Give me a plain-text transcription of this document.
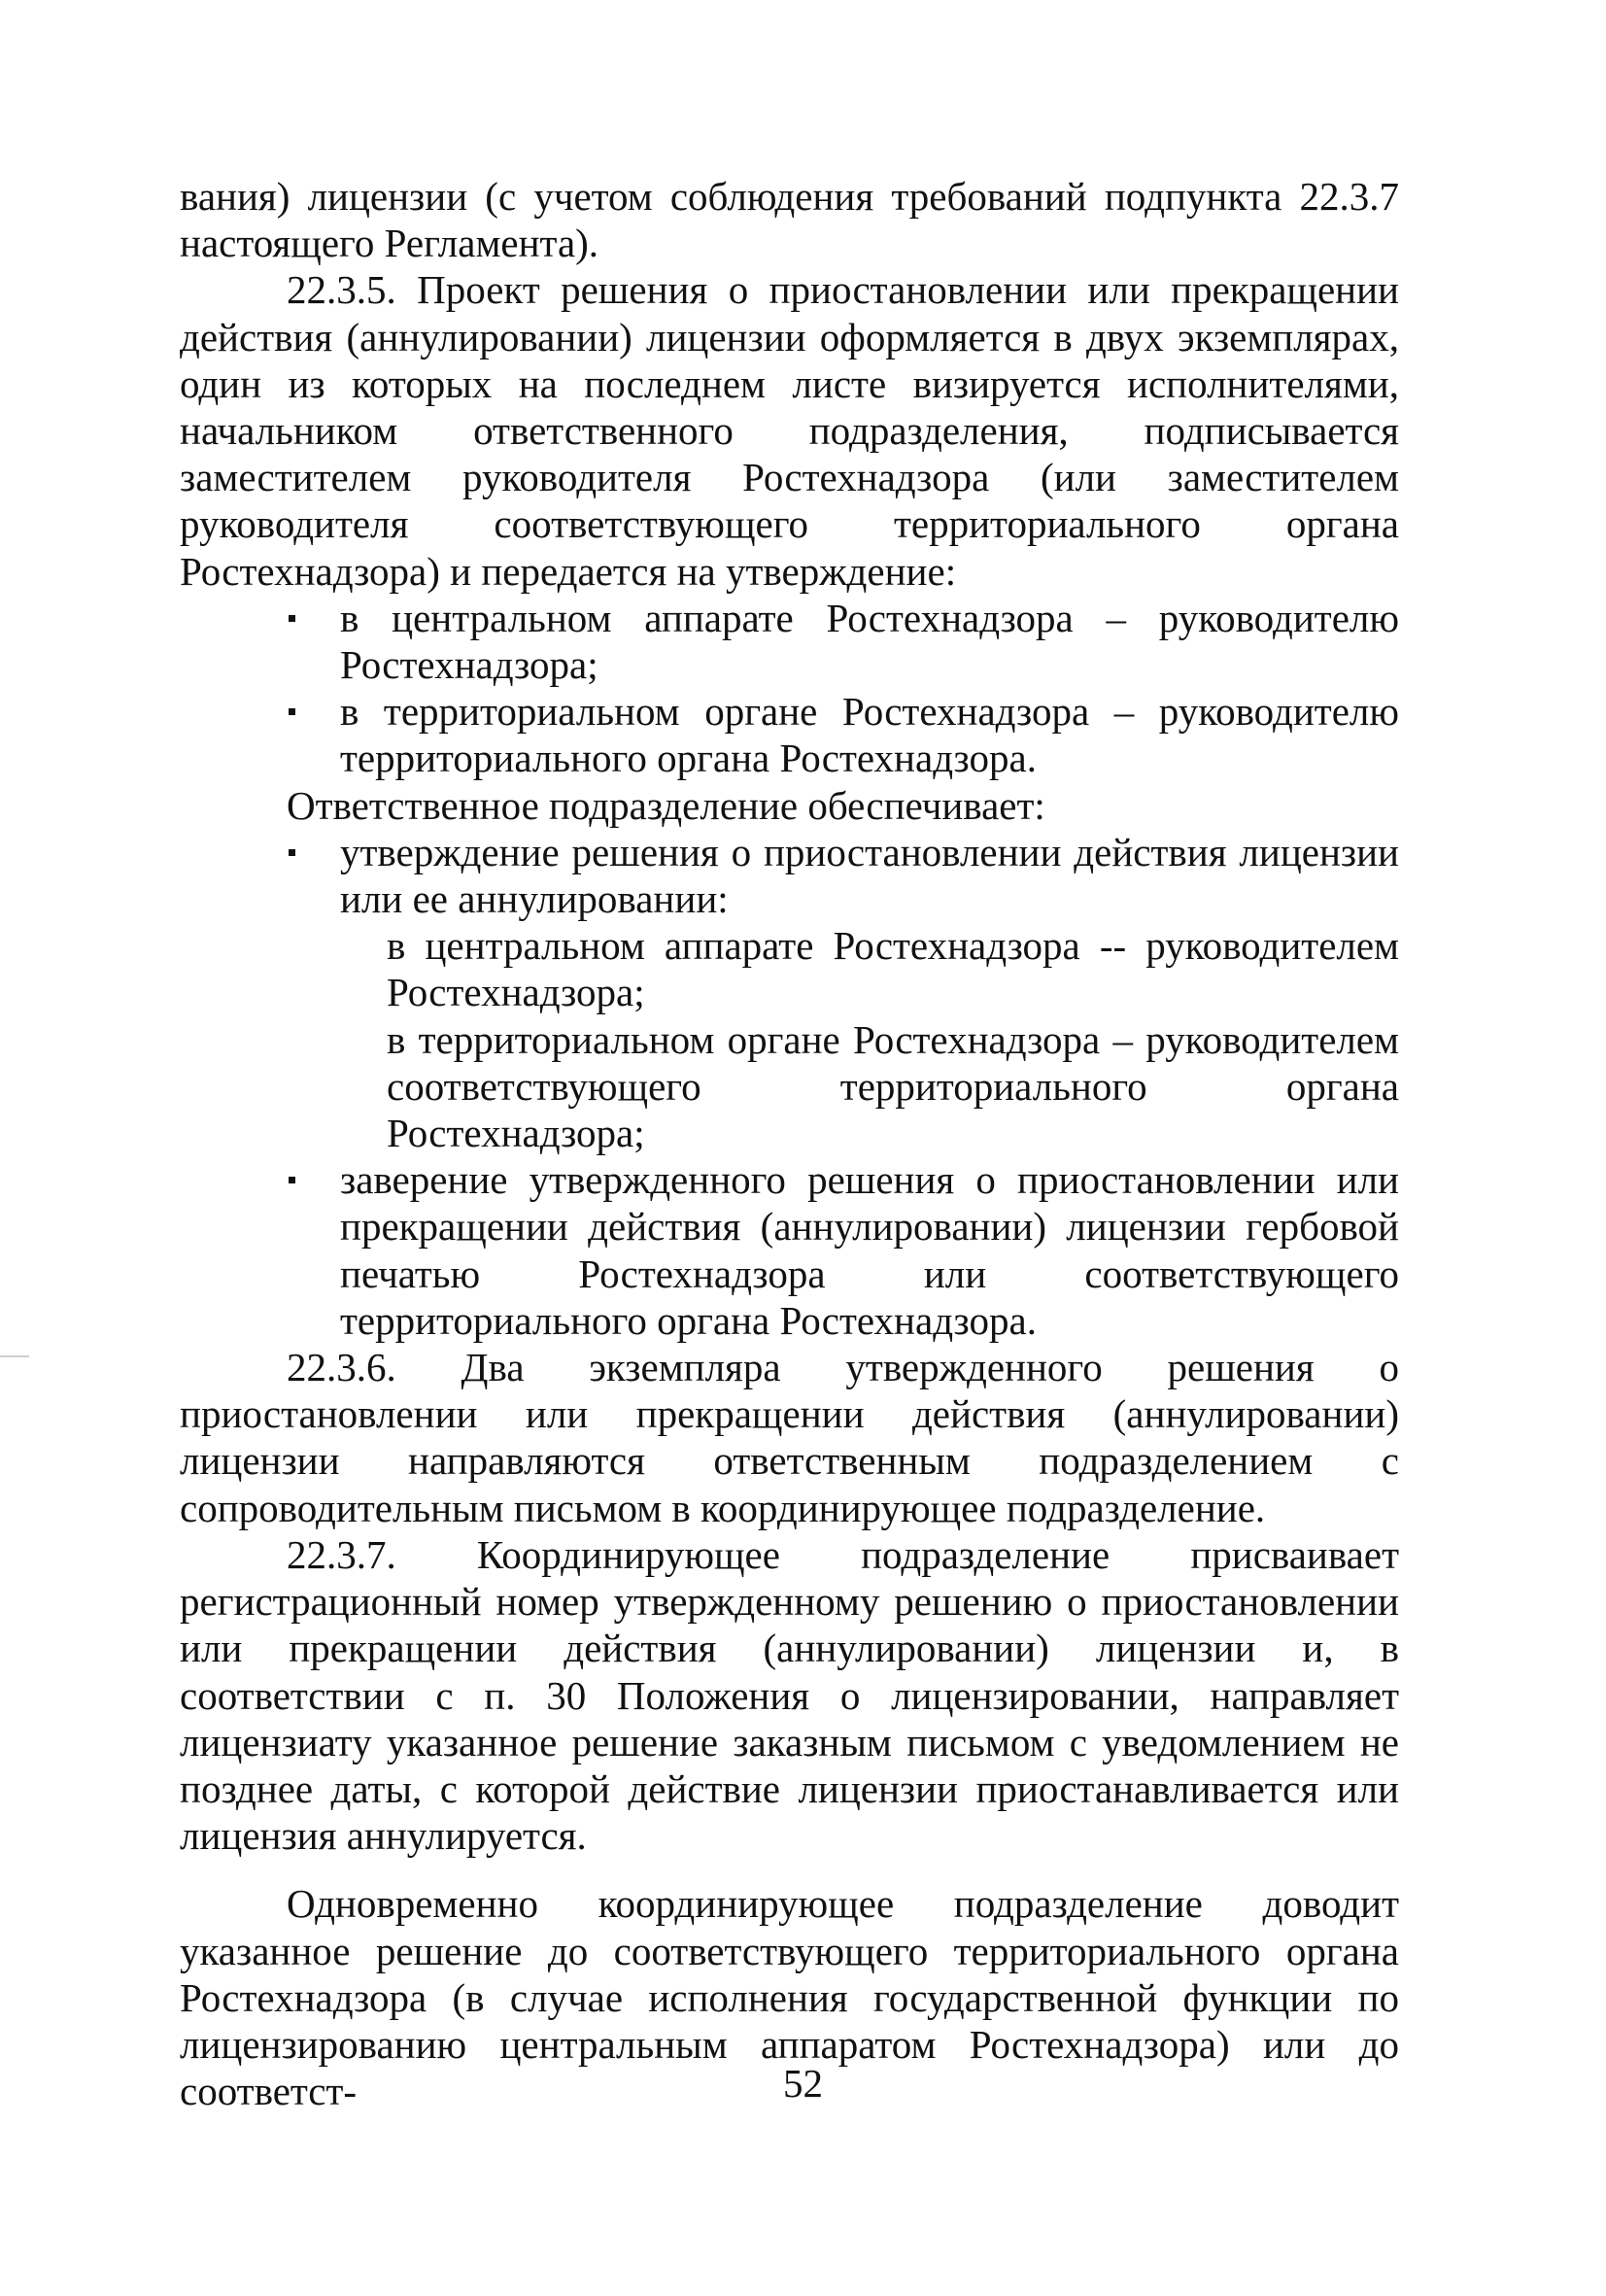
вания) лицензии (с учетом соблюдения требований подпункта 22.3.7 настоящего Регламента).

22.3.5. Проект решения о приостановлении или прекращении действия (аннулировании) лицензии оформляется в двух экземплярах, один из которых на последнем листе визируется исполнителями, начальником ответственного подразделения, подписывается заместителем руководителя Ростехнадзора (или заместителем руководителя соответствующего территориального органа Ростехнадзора) и передается на утверждение:

в центральном аппарате Ростехнадзора – руководителю Ростехнадзора;
в территориальном органе Ростехнадзора – руководителю территориального органа Ростехнадзора.

Ответственное подразделение обеспечивает:

утверждение решения о приостановлении действия лицензии или ее аннулировании:
в центральном аппарате Ростехнадзора -- руководителем Ростехнадзора;
в территориальном органе Ростехнадзора – руководителем соответствующего территориального органа Ростехнадзора;
заверение утвержденного решения о приостановлении или прекращении действия (аннулировании) лицензии гербовой печатью Ростехнадзора или соответствующего территориального органа Ростехнадзора.

22.3.6. Два экземпляра утвержденного решения о приостановлении или прекращении действия (аннулировании) лицензии направляются ответственным подразделением с сопроводительным письмом в координирующее подразделение.

22.3.7. Координирующее подразделение присваивает регистрационный номер утвержденному решению о приостановлении или прекращении действия (аннулировании) лицензии и, в соответствии с п. 30 Положения о лицензировании, направляет лицензиату указанное решение заказным письмом с уведомлением не позднее даты, с которой действие лицензии приостанавливается или лицензия аннулируется.

Одновременно координирующее подразделение доводит указанное решение до соответствующего территориального органа Ростехнадзора (в случае исполнения государственной функции по лицензированию центральным аппаратом Ростехнадзора) или до соответст-	52
